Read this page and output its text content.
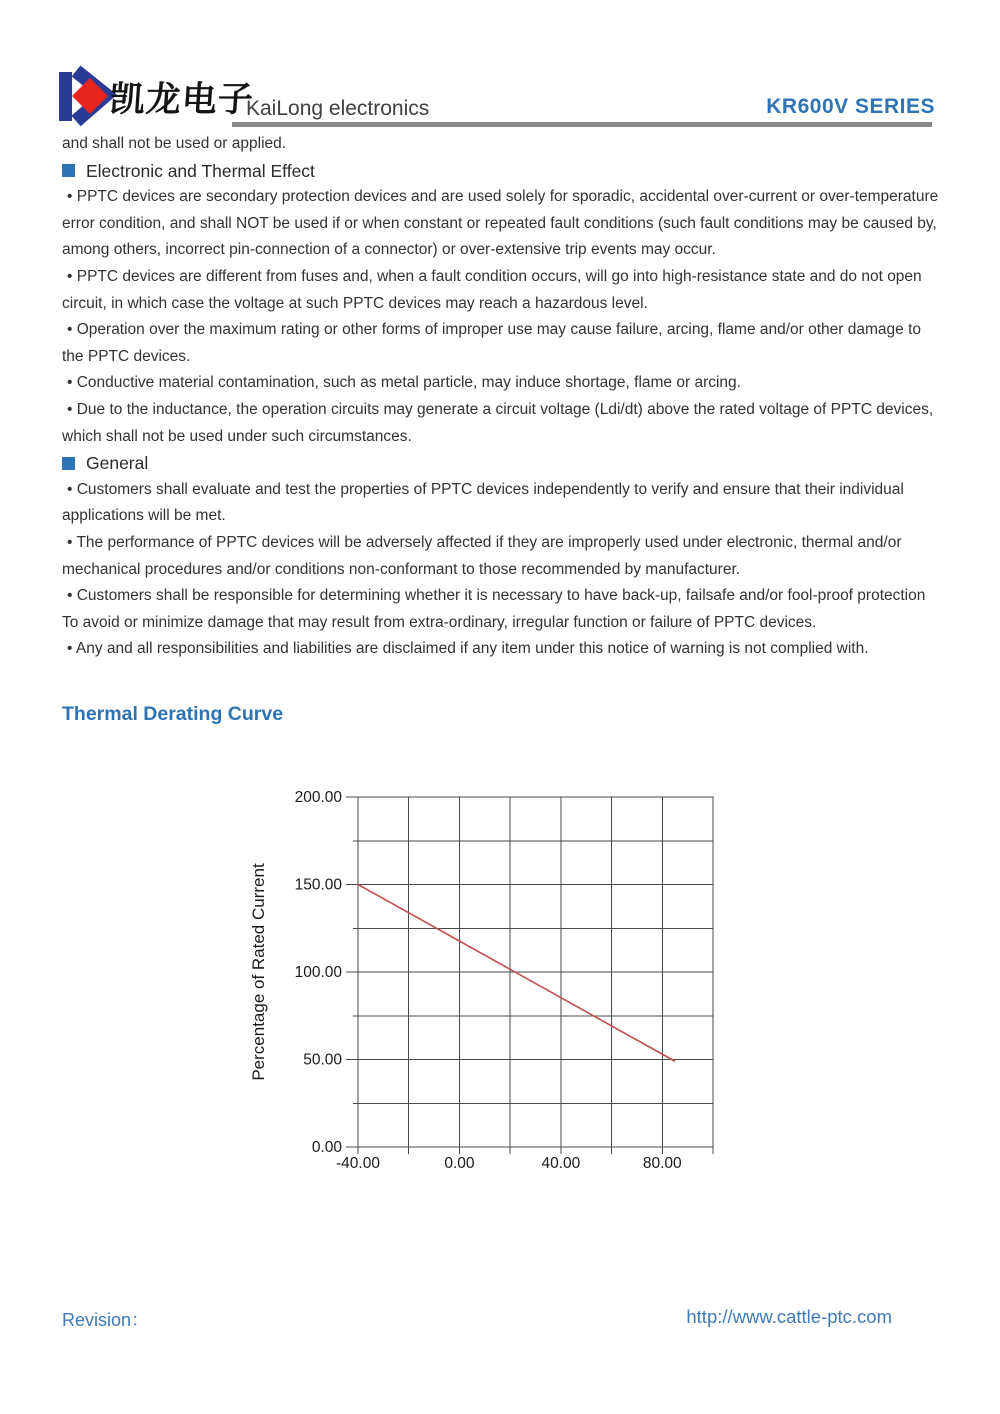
凯龙电子
KaiLong electronics	KR600V SERIES
and shall not be used or applied.
Electronic and Thermal Effect
• PPTC devices are secondary protection devices and are used solely for sporadic, accidental over-current or over-temperature
error condition, and shall NOT be used if or when constant or repeated fault conditions (such fault conditions may be caused by,
among others, incorrect pin-connection of a connector) or over-extensive trip events may occur.
• PPTC devices are different from fuses and, when a fault condition occurs, will go into high-resistance state and do not open
circuit, in which case the voltage at such PPTC devices may reach a hazardous level.
• Operation over the maximum rating or other forms of improper use may cause failure, arcing, flame and/or other damage to
the PPTC devices.
• Conductive material contamination, such as metal particle, may induce shortage, flame or arcing.
• Due to the inductance, the operation circuits may generate a circuit voltage (Ldi/dt) above the rated voltage of PPTC devices,
which shall not be used under such circumstances.
General
• Customers shall evaluate and test the properties of PPTC devices independently to verify and ensure that their individual
applications will be met.
• The performance of PPTC devices will be adversely affected if they are improperly used under electronic, thermal and/or
mechanical procedures and/or conditions non-conformant to those recommended by manufacturer.
• Customers shall be responsible for determining whether it is necessary to have back-up, failsafe and/or fool-proof protection
To avoid or minimize damage that may result from extra-ordinary, irregular function or failure of PPTC devices.
• Any and all responsibilities and liabilities are disclaimed if any item under this notice of warning is not complied with.
Thermal Derating Curve
-40.00	0.00	40.00	80.00
0.00
50.00
100.00
150.00
200.00
Percentage of Rated Current
Revision：	http://www.cattle-ptc.com
